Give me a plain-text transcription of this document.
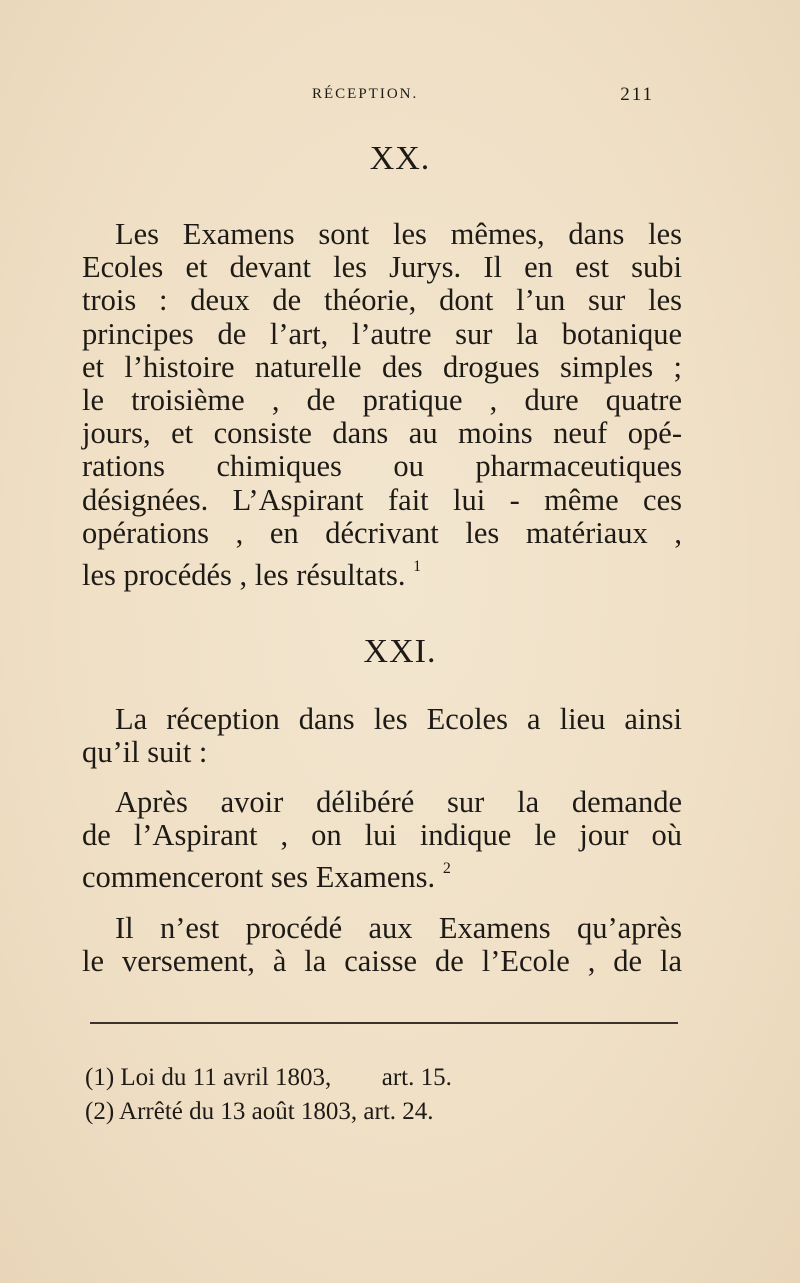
RÉCEPTION.	211
XX.
Les Examens sont les mêmes, dans les
Ecoles et devant les Jurys. Il en est subi
trois : deux de théorie, dont l’un sur les
principes de l’art, l’autre sur la botanique
et l’histoire naturelle des drogues simples ;
le troisième , de pratique , dure quatre
jours, et consiste dans au moins neuf opé-
rations chimiques ou pharmaceutiques
désignées. L’Aspirant fait lui - même ces
opérations , en décrivant les matériaux ,
les procédés , les résultats. $^1$
XXI.
La réception dans les Ecoles a lieu ainsi
qu’il suit :
Après avoir délibéré sur la demande
de l’Aspirant , on lui indique le jour où
commenceront ses Examens. $^2$
Il n’est procédé aux Examens qu’après
le versement, à la caisse de l’Ecole , de la
(1) Loi du 11 avril 1803, art. 15.
(2) Arrêté du 13 août 1803, art. 24.
